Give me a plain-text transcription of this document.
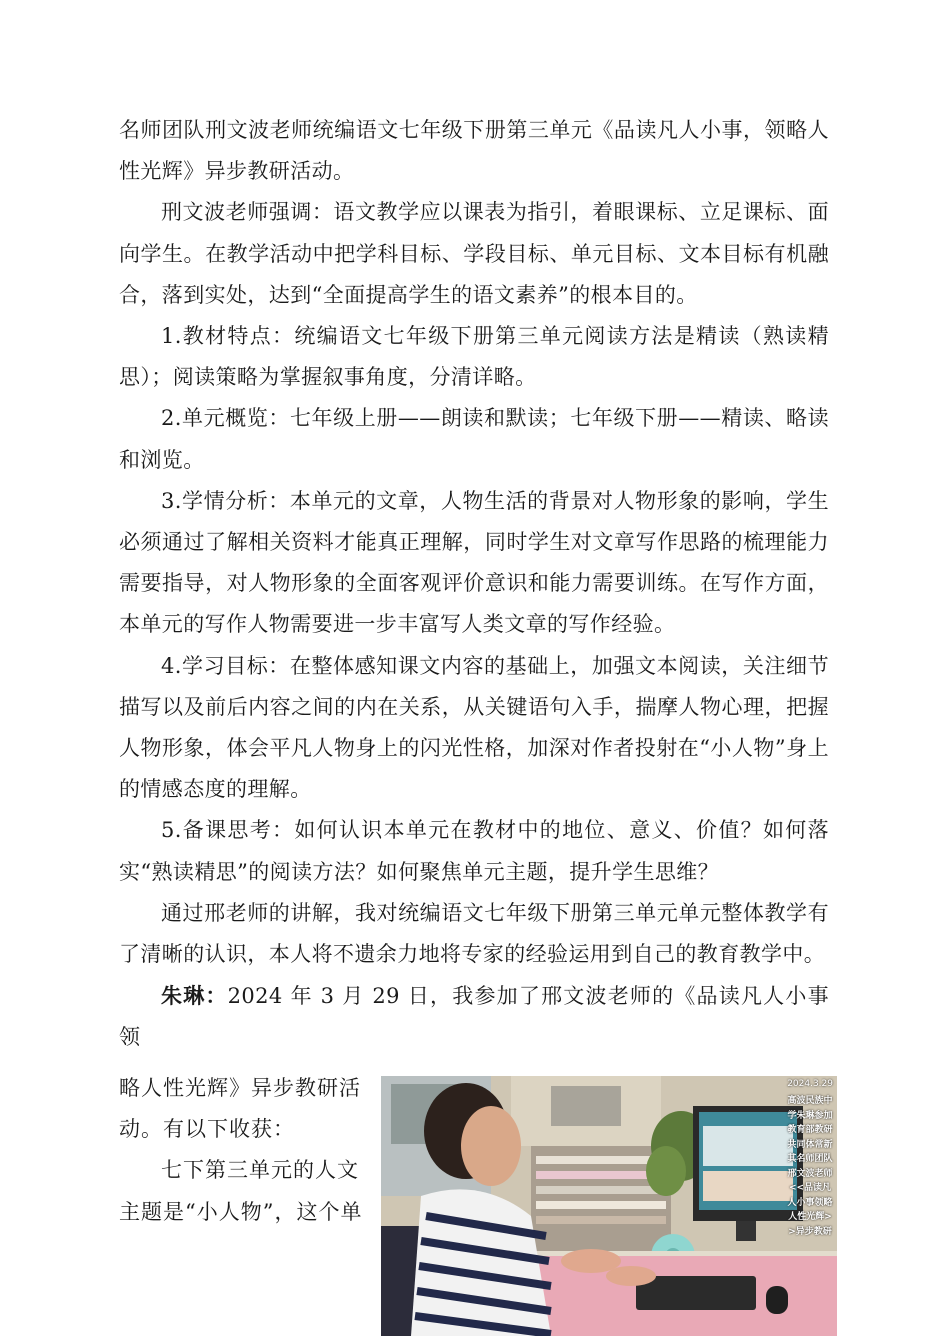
名师团队刑文波老师统编语文七年级下册第三单元《品读凡人小事，领略人性光辉》异步教研活动。

刑文波老师强调：语文教学应以课表为指引，着眼课标、立足课标、面向学生。在教学活动中把学科目标、学段目标、单元目标、文本目标有机融合，落到实处，达到“全面提高学生的语文素养”的根本目的。

1.教材特点：统编语文七年级下册第三单元阅读方法是精读（熟读精思）；阅读策略为掌握叙事角度，分清详略。

2.单元概览：七年级上册——朗读和默读；七年级下册——精读、略读和浏览。

3.学情分析：本单元的文章，人物生活的背景对人物形象的影响，学生必须通过了解相关资料才能真正理解，同时学生对文章写作思路的梳理能力需要指导，对人物形象的全面客观评价意识和能力需要训练。在写作方面，本单元的写作人物需要进一步丰富写人类文章的写作经验。

4.学习目标：在整体感知课文内容的基础上，加强文本阅读，关注细节描写以及前后内容之间的内在关系，从关键语句入手，揣摩人物心理，把握人物形象，体会平凡人物身上的闪光性格，加深对作者投射在“小人物”身上的情感态度的理解。

5.备课思考：如何认识本单元在教材中的地位、意义、价值？如何落实“熟读精思”的阅读方法？如何聚焦单元主题，提升学生思维？

通过邢老师的讲解，我对统编语文七年级下册第三单元单元整体教学有了清晰的认识，本人将不遗余力地将专家的经验运用到自己的教育教学中。

朱琳：2024 年 3 月 29 日，我参加了邢文波老师的《品读凡人小事 领

略人性光辉》异步教研活

动。有以下收获：

七下第三单元的人文

主题是“小人物”，这个单

2024.3.29
高波民族中学朱琳参加教育部教研共同体常新其名师团队邢文波老师<<品读凡人小事领略人性光辉>>异步教研
